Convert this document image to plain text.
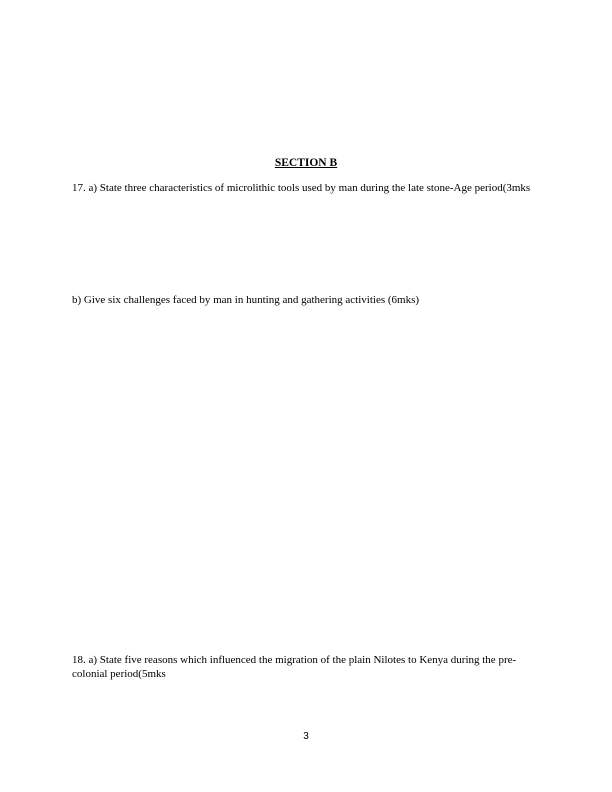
SECTION B

17. a) State three characteristics of microlithic tools used by man during the late stone-Age period(3mks

b) Give six challenges faced by man in hunting and gathering activities (6mks)

18. a) State five reasons which influenced the migration of the plain Nilotes to Kenya during the pre-colonial period(5mks

3
